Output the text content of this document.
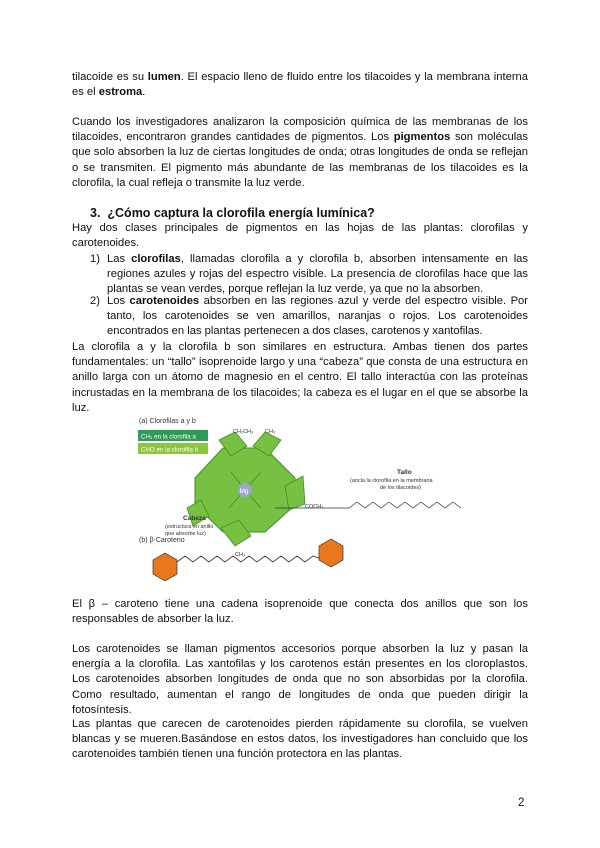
tilacoide es su lumen. El espacio lleno de fluido entre los tilacoides y la membrana interna es el estroma.

Cuando los investigadores analizaron la composición química de las membranas de los tilacoides, encontraron grandes cantidades de pigmentos. Los pigmentos son moléculas que solo absorben la luz de ciertas longitudes de onda; otras longitudes de onda se reflejan o se transmiten. El pigmento más abundante de las membranas de los tilacoides es la clorofila, la cual refleja o transmite la luz verde.

3. ¿Cómo captura la clorofila energía lumínica?

Hay dos clases principales de pigmentos en las hojas de las plantas: clorofilas y carotenoides.

1) Las clorofilas, llamadas clorofila a y clorofila b, absorben intensamente en las regiones azules y rojas del espectro visible. La presencia de clorofilas hace que las plantas se vean verdes, porque reflejan la luz verde, ya que no la absorben.
2) Los carotenoides absorben en las regiones azul y verde del espectro visible. Por tanto, los carotenoides se ven amarillos, naranjas o rojos. Los carotenoides encontrados en las plantas pertenecen a dos clases, carotenos y xantofilas.

La clorofila a y la clorofila b son similares en estructura. Ambas tienen dos partes fundamentales: un “tallo” isoprenoide largo y una “cabeza” que consta de una estructura en anillo larga con un átomo de magnesio en el centro. El tallo interactúa con las proteínas incrustadas en la membrana de los tilacoides; la cabeza es el lugar en el que se absorbe la luz.

(a) Clorofilas a y b
CH₃ en la clorofila a
CHO en la clorofila b
Mg
CH₂CH₃ CH₃
COCH₃
CH₃
Cabeza
(estructura en anillo
que absorbe luz)
Tallo
(ancla la clorofila en la membrana
de los tilacoides)
(b) β-Caroteno

El β – caroteno tiene una cadena isoprenoide que conecta dos anillos que son los responsables de absorber la luz.

Los carotenoides se llaman pigmentos accesorios porque absorben la luz y pasan la energía a la clorofila. Las xantofilas y los carotenos están presentes en los cloroplastos. Los carotenoides absorben longitudes de onda que no son absorbidas por la clorofila. Como resultado, aumentan el rango de longitudes de onda que pueden dirigir la fotosíntesis.

Las plantas que carecen de carotenoides pierden rápidamente su clorofila, se vuelven blancas y se mueren.Basándose en estos datos, los investigadores han concluido que los carotenoides también tienen una función protectora en las plantas.

2
